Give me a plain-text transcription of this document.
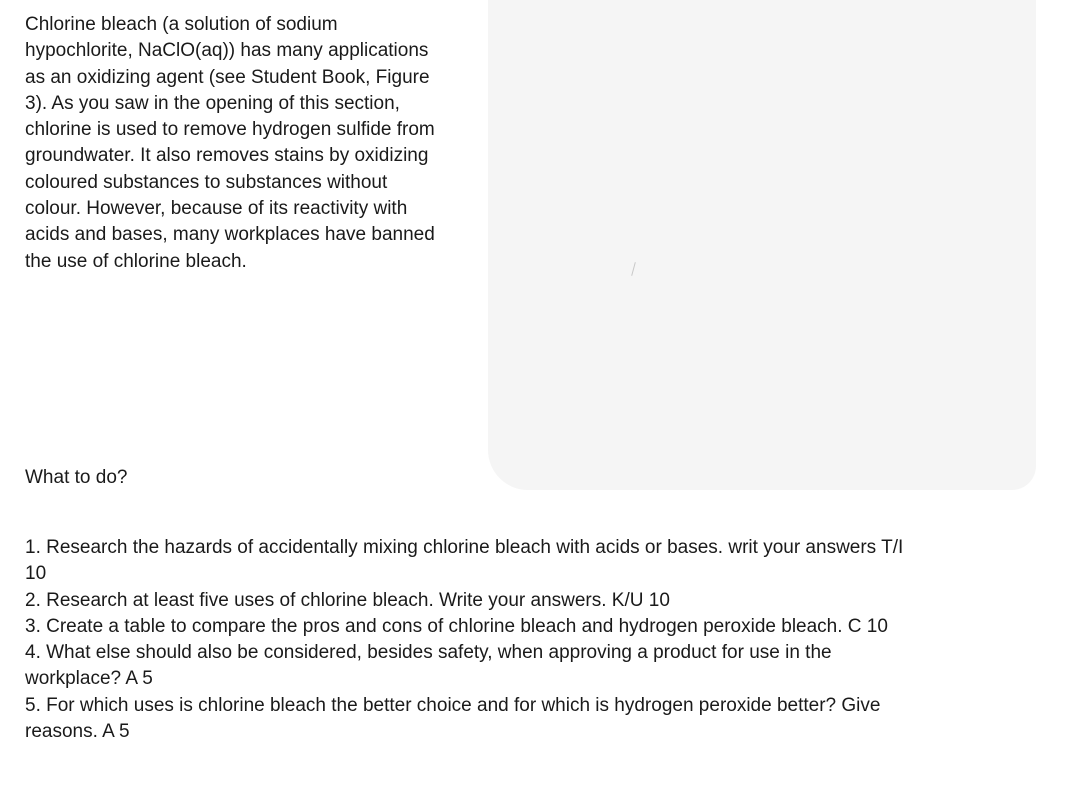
Chlorine bleach (a solution of sodium
hypochlorite, NaClO(aq)) has many applications
as an oxidizing agent (see Student Book, Figure
3). As you saw in the opening of this section,
chlorine is used to remove hydrogen sulfide from
groundwater. It also removes stains by oxidizing
coloured substances to substances without
colour. However, because of its reactivity with
acids and bases, many workplaces have banned
the use of chlorine bleach.

What to do?
1. Research the hazards of accidentally mixing chlorine bleach with acids or bases. writ your answers T/I
10
2. Research at least five uses of chlorine bleach. Write your answers. K/U 10
3. Create a table to compare the pros and cons of chlorine bleach and hydrogen peroxide bleach. C 10
4. What else should also be considered, besides safety, when approving a product for use in the
workplace? A 5
5. For which uses is chlorine bleach the better choice and for which is hydrogen peroxide better? Give
reasons. A 5
